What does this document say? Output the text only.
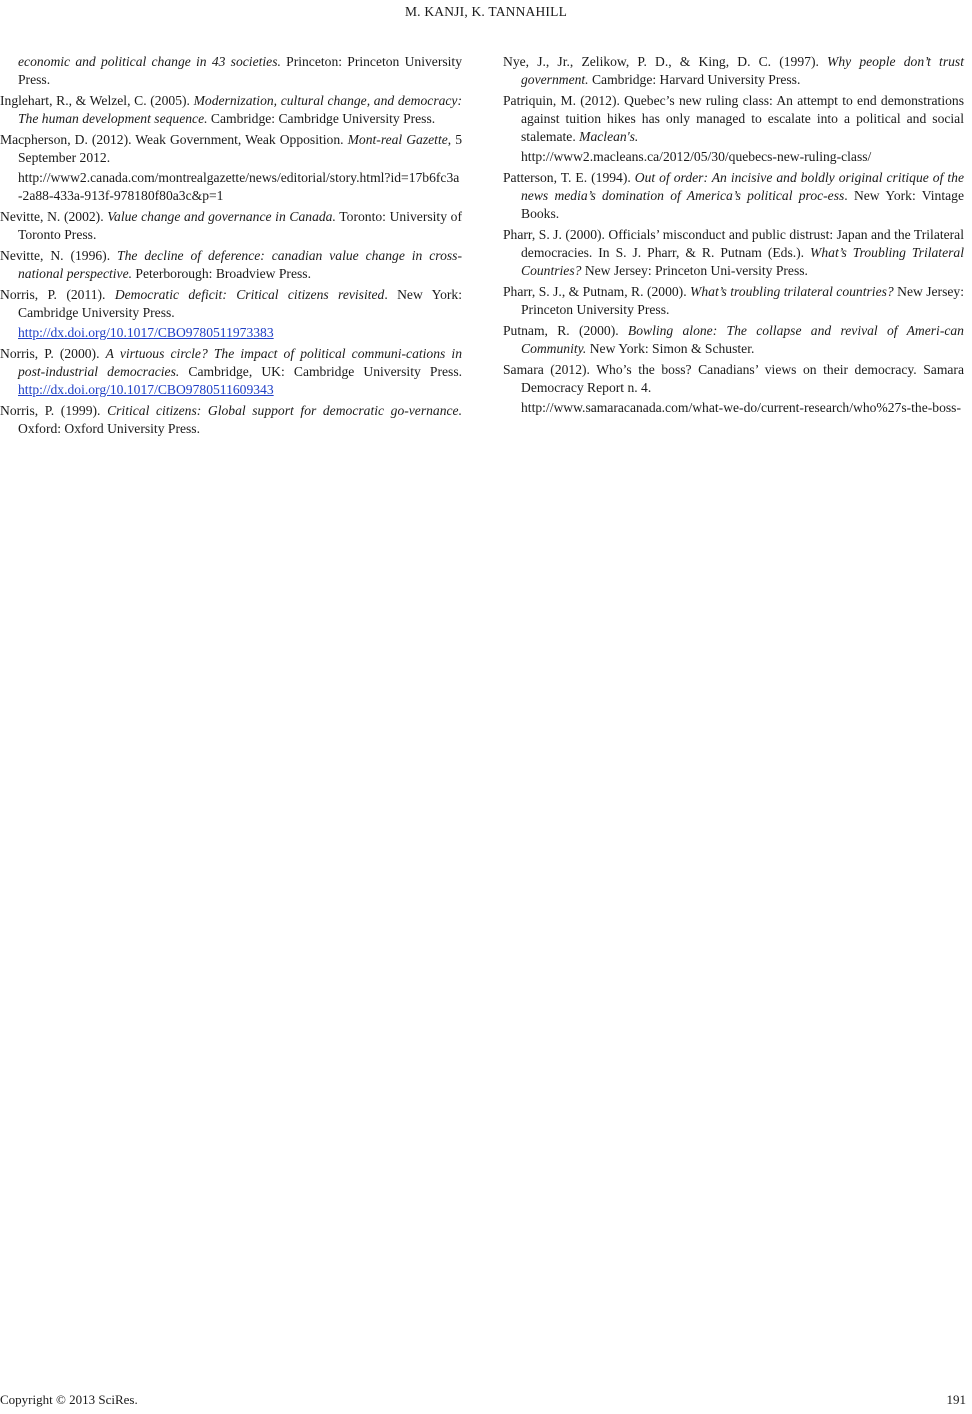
M. KANJI, K. TANNAHILL

economic and political change in 43 societies. Princeton: Princeton University Press.

Inglehart, R., & Welzel, C. (2005). Modernization, cultural change, and democracy: The human development sequence. Cambridge: Cambridge University Press.

Macpherson, D. (2012). Weak Government, Weak Opposition. Mont-real Gazette, 5 September 2012.
http://www2.canada.com/montrealgazette/news/editorial/story.html?id=17b6fc3a-2a88-433a-913f-978180f80a3c&p=1

Nevitte, N. (2002). Value change and governance in Canada. Toronto: University of Toronto Press.

Nevitte, N. (1996). The decline of deference: canadian value change in cross-national perspective. Peterborough: Broadview Press.

Norris, P. (2011). Democratic deficit: Critical citizens revisited. New York: Cambridge University Press.
http://dx.doi.org/10.1017/CBO9780511973383

Norris, P. (2000). A virtuous circle? The impact of political communi-cations in post-industrial democracies. Cambridge, UK: Cambridge University Press. http://dx.doi.org/10.1017/CBO9780511609343

Norris, P. (1999). Critical citizens: Global support for democratic go-vernance. Oxford: Oxford University Press.

Nye, J., Jr., Zelikow, P. D., & King, D. C. (1997). Why people don’t trust government. Cambridge: Harvard University Press.

Patriquin, M. (2012). Quebec’s new ruling class: An attempt to end demonstrations against tuition hikes has only managed to escalate into a political and social stalemate. Maclean's.
http://www2.macleans.ca/2012/05/30/quebecs-new-ruling-class/

Patterson, T. E. (1994). Out of order: An incisive and boldly original critique of the news media’s domination of America’s political proc-ess. New York: Vintage Books.

Pharr, S. J. (2000). Officials’ misconduct and public distrust: Japan and the Trilateral democracies. In S. J. Pharr, & R. Putnam (Eds.). What’s Troubling Trilateral Countries? New Jersey: Princeton Uni-versity Press.

Pharr, S. J., & Putnam, R. (2000). What’s troubling trilateral countries? New Jersey: Princeton University Press.

Putnam, R. (2000). Bowling alone: The collapse and revival of Ameri-can Community. New York: Simon & Schuster.

Samara (2012). Who’s the boss? Canadians’ views on their democracy. Samara Democracy Report n. 4.
http://www.samaracanada.com/what-we-do/current-research/who%27s-the-boss-

Copyright © 2013 SciRes.	191
